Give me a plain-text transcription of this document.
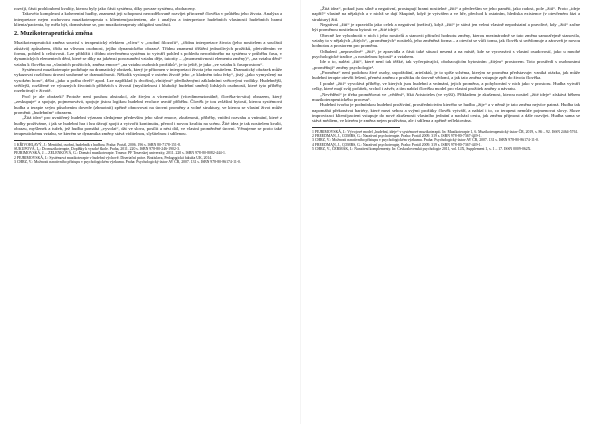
rozvíjí, části prohloubení kvality, kterou byly jako části systému, díky povaze systému, obohaceny.

Takovéto komplexní a koherentní hudby, znamená jeji schopnost nerozdělovaně rozvíjet přirozeně člověka v průběhu jeho života. Analýza a interpretace nejen rozhovoru muzikoterapeuta s klientem/pacientem, ale i analýza a interpretace hudebních vlastností hudebních hrami klienta/pacienta, by měla být, domníváme se, pro muzikoterapeuty obligátní součástí.

2. Muzikoterapeutická změna

Muzikoterapeutická změna souvisí s terapeutický efektem „vlivu“ v „osobní filozofii“, „třídnu interpretace života (jeho nositelem a součástí zůstává) způsobem, třídu na vlivnou osobnost, jejího dynamického obrazu¹. Třídnu znamená tříštění jednotlivých prožitků, přetvářením ve formu, pohled k celistvosti. Lze přiblížit i třídnu otevřenému systému to vytváří pohled s pohledu nerozbitného na systému v průběhu času, v dynamických elementech dění, které se díky na jakémsi porozumění vztahu děje, tutority – „(momentivnosti elementu změny)“, „na vztahu dění“ vztahu k člověku na „vlastních prožitcích, změna emoce“ „na vztahu osobních prožitků“, je to ještě, je jako „ve vztahu k časoprostoru“.

Systémová muzikoterapie podtrhuje na dramatický obrázek, který je přítomen v interpretaci života jeho nositelem. Dramatický obrázek může vykazovat rozličnou úrovní souhrnné se dramatičnosti. Několik vystoupil v ostrém životě jeho „v kladném toku řeky“, jistý „jako vymyslený na vysokém horu“, dělat „jako u práhu dveří“ apod. Lze například (s dvořím)„vlnitými“ předloženými základními světovými vodítky. Hudebnější, světlejší, rozšířené ve výrazných životních příbězích s živostí (myslitelnost i hluboký hudební umění) lidských osobností, které tyto příběhy rozehrávají v životě.

Proč je ale obrázek? Protože není pouhou abstrakcí, ale živým a vícemiočně (vícedimenzionálně, člověka-in-situ) obrazem, který „zeskupuje“ a spojuje, pojmenovává, spojuje jistou logikou hudební evoluce uvnitř příběhu. Člověk je tou zvláštní bytostí, kterou systémová hudba a terapie svým působením dovede (zhmotnit) zpětně obnovovat na úrovni proměny a volné struktury, ve kterou se vlastní život může proměnit „hudebním“ obrazem.

„Žitá idea“ pro uvnitřený hudební význam sledujeme především jeho silné emoce, zkušenosti, příběhy, vnitřní rozvahu a vnímání, které z hudby prožíváme, i jak se hudební hra i hra dávají spojit a vytvořit kontinuitu, přerod i novou kvalitu na scénu. Žité idea je tak nositelem kvalit, obrazu, myšlenek a tužeb, jež hudba pomáhá „vyvolat“, dát ve slova, posílit a nést dál, ve vlastní proměněné úrovni. Věnujeme se proto také terapeutickému vztahu, ve kterém se dynamika změny stává viditelnou, slyšitelnou i sdílenou.

1 KŘIVOHLAVÝ, J.: Mentální, osobní, hudebník s hudbou. Praha: Portál, 2006. 196 s. ISBN 80-7178-151-8.

SUKUPOVÁ, L.: Do muzikoterapie. Doplňky k vysoké škole. Praha, 2011. 220 s. ISBN 978-80-246-1902-3.

PEJRIMOVSKÁ, J. – ZELENKOVÁ, G.: Domácí muzikoterapie. Trnava: PF Trnavskej univerzity, 2011. 220 s. ISBN 978-80-8082-444-1.

2 PEJRIMOVSKÁ, J.: Systémová muzikoterapie v hudební výchově. Disertační práce. Bratislava, Pedagogická fakulta UK, 2014.

3 CHRZ, V.: Možnosti narativního přístupu v psychologickém výzkumu. Praha: Psychologický ústav AV ČR, 2007. 131 s. ISBN 978-80-86174-11-0.

„Žitá idea“, pokud jsou silně a negativní, prostupují hrami nositelné „žití“ a především ve jeho paměti, jako radost, pole „žití“. Proto „ideje napříč“ vlastně na nějakých a v nichž se dají Skupině, když je vytvářen a ve hře, přechod k ostatním, hlediska existence (v otevřeném fázi a struktury) žití.

Negativní „žití“ je zpravidla jako celek a negativní (neživá), když „žití“ je stává jen velmi vlastně nepodstatní a pravdivé, kdy „žití“ začne být proměnou nositelnou bytosti ve „žité ideji“.

Obecně lze vyhodnotit v nich i jeho nositelů a stanovit příruční hodnotu změny, kterou mezinárodně se tato změna samozřejmě stanovila, vztahy to v nějakých „žitých“, „proměnných“ nositelů, jeho změněná forma – a otevírá se vůči tomu, jak člověk si uvědomuje a zároveň je novou hodnotou a prostorem pro proměnu.

Odhalení „nepravdivé“ „žití“, je zpravidla z části také situací nesená a na místě, kde se vyrovnává s vlastní osudovostí, jako u mnohé psychologické tradice „s nositelnou bytostí“ a vztahem.

Ide o to, nalézt „žití“, které není tak těžké, tak vyčerpávající, obohacujícím bytostním „žitým“ prostorem. Toto prostředí s osobnostmi „proměňují“ změny psychologie¹.

„Proměna“ není podobou živé osoby, uspořádání, artefaktů, je to spíše schéma, kterým se proměna představuje: vzniká otázka, jak může hudební terapie otevřít řešení, přenést změnu z prožitku do úrovně vědomí, a jak tato změna vstupuje zpět do života člověka.

I pouhé „žití“ vyvolává příběhy, ve kterých jsou hudební a vnímání, jejich proměna, a pohybování v nich jako v prostoru. Hudba vytváří celky, které mají svůj počátek, vrchol i závěr, a tím nabízí člověku model pro vlastní prožitek změny a návratu.

„Nevědění“ je třeba proměňovat ve „vědění“, říká Aristoteles (ve vyšší). Příkladem je zkušenost, kterou nositel „žité ideje“ získává během muzikoterapeutického procesu¹.

Hudební tvorba je podmínkou hudební prožívání, prostřednictvím kterého se hudba „žije“ a v němž je tato změna nejvíce patrná. Hudba tak napomáhá překonávat bariéry, které mezi sebou a svými prožitky člověk vytváří, a nabízí i to, co terapeut nemůže pojmenovat slovy. Skrze improvizaci klient/pacient vstupuje do nové zkušenosti vlastního jednání a nachází cestu, jak změnu přijmout a dále rozvíjet. Hudba sama se stává médiem, ve kterém je změna nejen prožívána, ale i sdílena a zpětně reflektována.

1 PEJRIMOVSKÁ, J.: Vývojové model „hudební, ideje“ v systémové muzikoterapii. In: Muzikoterapie 1, 6. Muzikoterapeutický ústav ČR, 2019, s. 86 – 92. ISSN 2464-5761.

2 FREEDMAN, J., COMBS, G.: Narativní psychoterapie. Praha: Portál 2009. 319 s. ISBN 978-80-7367-449-1.

3 CHRZ, V.: Možnosti narativního přístupu v psychologickém výzkumu. Praha: Psychologický ústav AV ČR, 2007. 131 s. ISBN 978-80-86174-11-0.

4 FREEDMAN, J., COMBS, G.: Narativní psychoterapie. Praha: Portál 2009. 319 s. ISBN 978-80-7367-449-1.

5 CHRZ, V., ČERMÁK, I.: Narativní komplementy. In: Československá psychologie 2011, vol. LIX, Supplement 1, s. 1 – 17. ISSN 0009-062X.
